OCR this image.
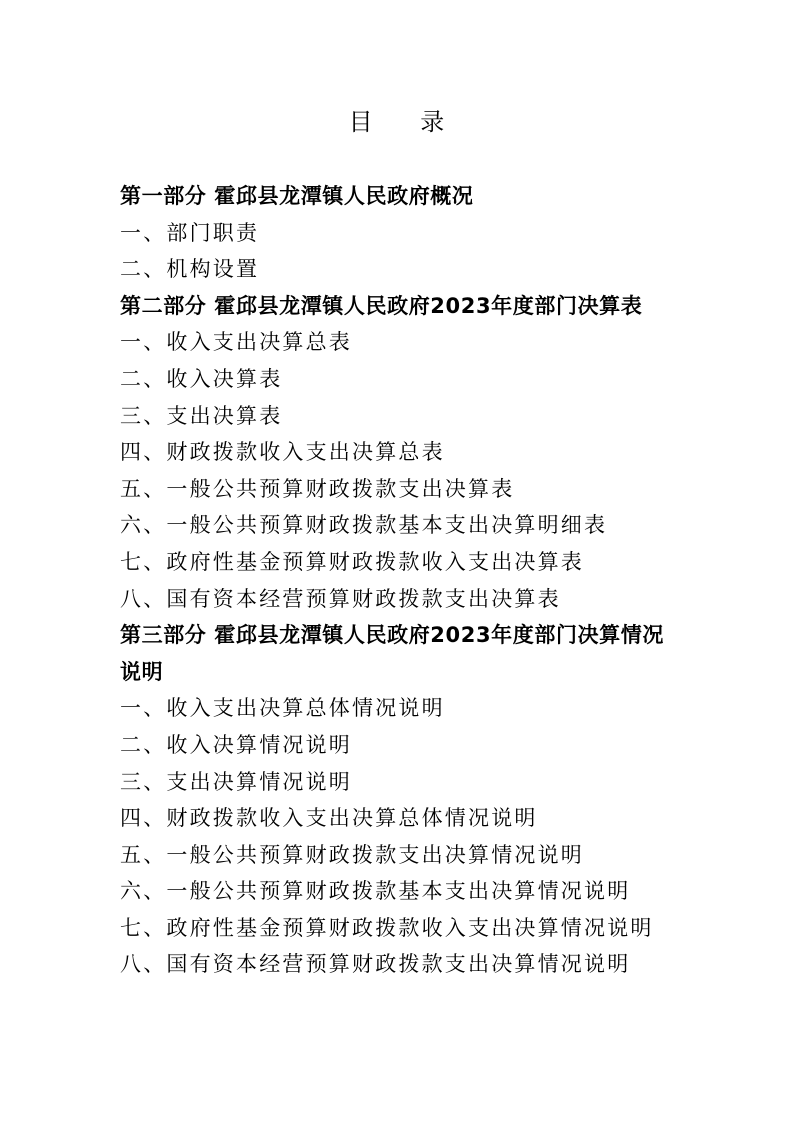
目 录
第一部分 霍邱县龙潭镇人民政府概况
一、部门职责
二、机构设置
第二部分 霍邱县龙潭镇人民政府2023年度部门决算表
一、收入支出决算总表
二、收入决算表
三、支出决算表
四、财政拨款收入支出决算总表
五、一般公共预算财政拨款支出决算表
六、一般公共预算财政拨款基本支出决算明细表
七、政府性基金预算财政拨款收入支出决算表
八、国有资本经营预算财政拨款支出决算表
第三部分 霍邱县龙潭镇人民政府2023年度部门决算情况说明
一、收入支出决算总体情况说明
二、收入决算情况说明
三、支出决算情况说明
四、财政拨款收入支出决算总体情况说明
五、一般公共预算财政拨款支出决算情况说明
六、一般公共预算财政拨款基本支出决算情况说明
七、政府性基金预算财政拨款收入支出决算情况说明
八、国有资本经营预算财政拨款支出决算情况说明
